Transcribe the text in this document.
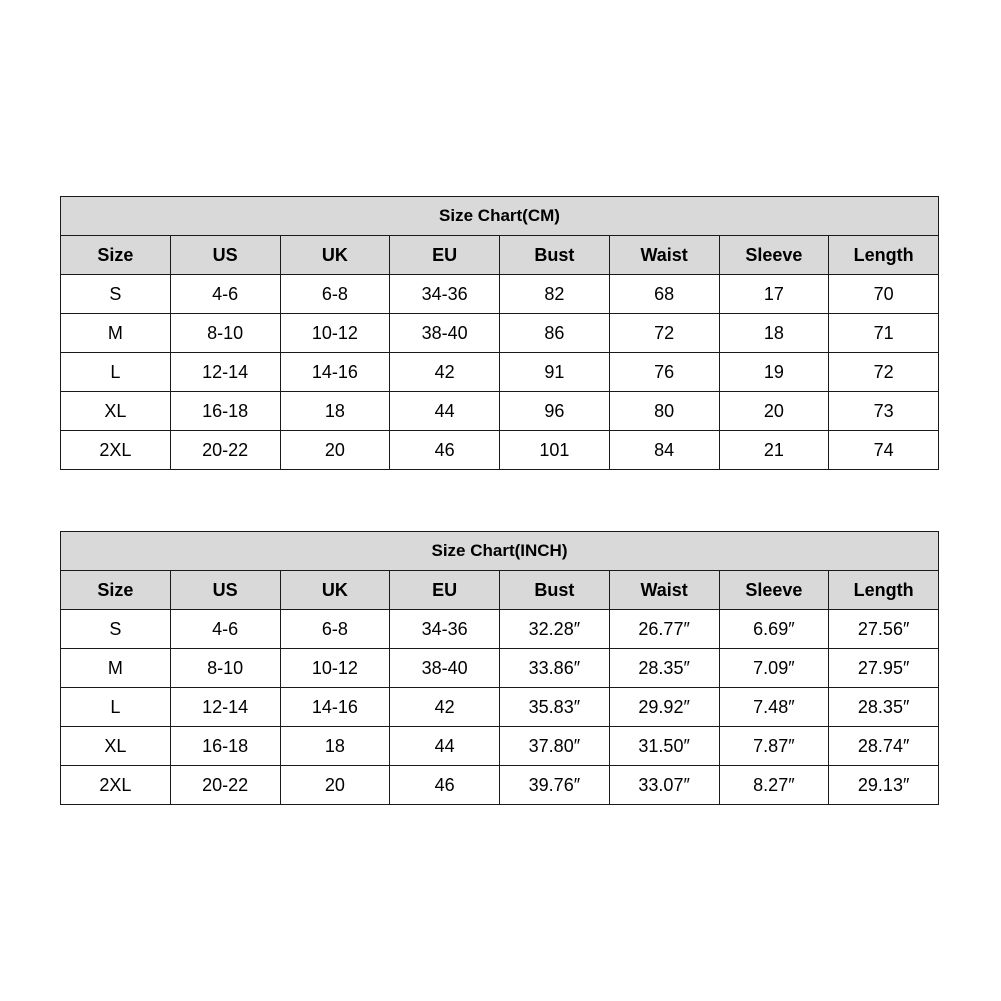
Size Chart(CM)							
Size	US	UK	EU	Bust	Waist	Sleeve	Length
S	4-6	6-8	34-36	82	68	17	70
M	8-10	10-12	38-40	86	72	18	71
L	12-14	14-16	42	91	76	19	72
XL	16-18	18	44	96	80	20	73
2XL	20-22	20	46	101	84	21	74
Size Chart(INCH)							
Size	US	UK	EU	Bust	Waist	Sleeve	Length
S	4-6	6-8	34-36	32.28″	26.77″	6.69″	27.56″
M	8-10	10-12	38-40	33.86″	28.35″	7.09″	27.95″
L	12-14	14-16	42	35.83″	29.92″	7.48″	28.35″
XL	16-18	18	44	37.80″	31.50″	7.87″	28.74″
2XL	20-22	20	46	39.76″	33.07″	8.27″	29.13″
